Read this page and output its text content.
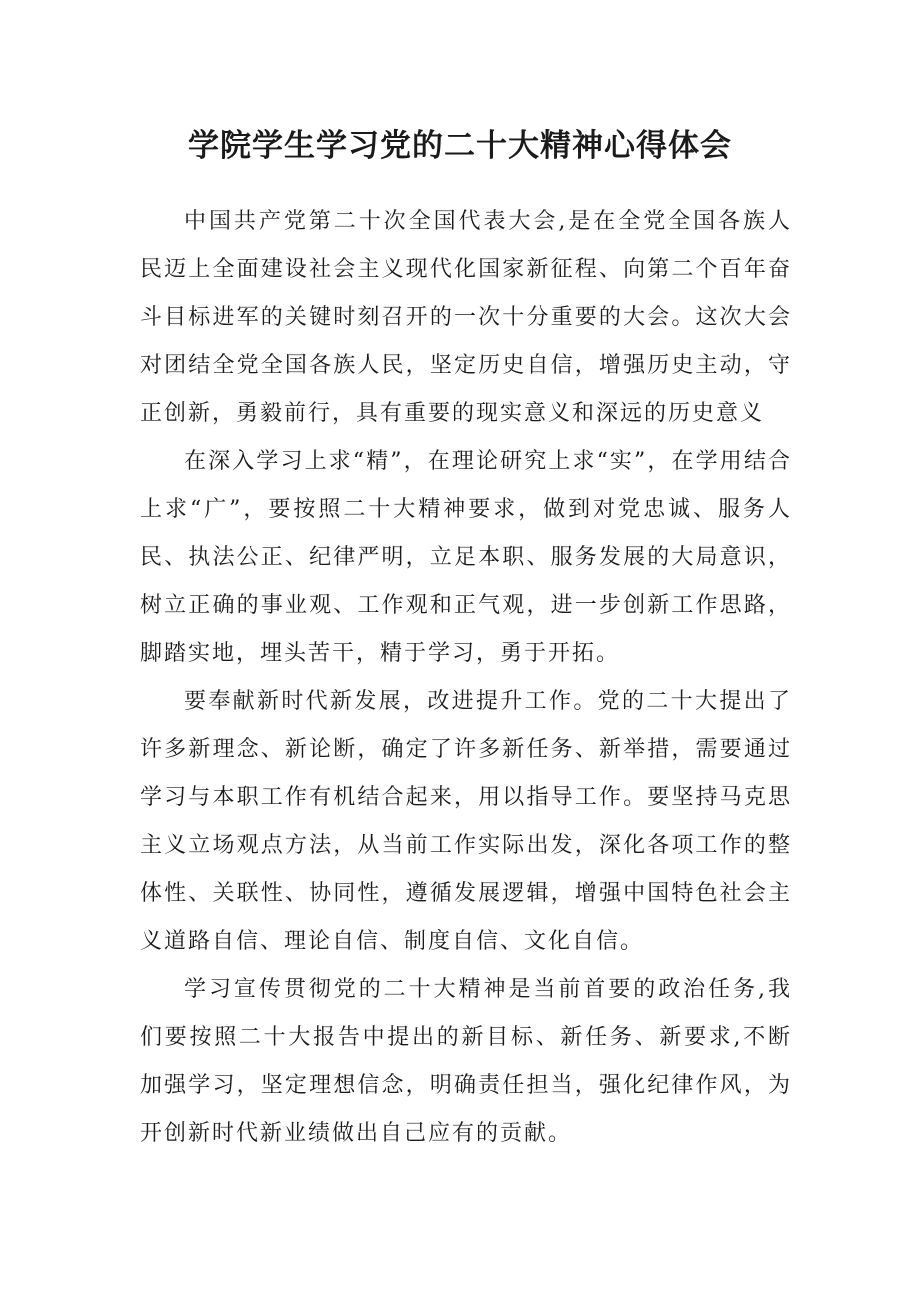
学院学生学习党的二十大精神心得体会

中国共产党第二十次全国代表大会,是在全党全国各族人民迈上全面建设社会主义现代化国家新征程、向第二个百年奋斗目标进军的关键时刻召开的一次十分重要的大会。这次大会对团结全党全国各族人民，坚定历史自信，增强历史主动，守正创新，勇毅前行，具有重要的现实意义和深远的历史意义

在深入学习上求“精”，在理论研究上求“实”，在学用结合上求“广”，要按照二十大精神要求，做到对党忠诚、服务人民、执法公正、纪律严明，立足本职、服务发展的大局意识，树立正确的事业观、工作观和正气观，进一步创新工作思路，脚踏实地，埋头苦干，精于学习，勇于开拓。

要奉献新时代新发展，改进提升工作。党的二十大提出了许多新理念、新论断，确定了许多新任务、新举措，需要通过学习与本职工作有机结合起来，用以指导工作。要坚持马克思主义立场观点方法，从当前工作实际出发，深化各项工作的整体性、关联性、协同性，遵循发展逻辑，增强中国特色社会主义道路自信、理论自信、制度自信、文化自信。

学习宣传贯彻党的二十大精神是当前首要的政治任务,我们要按照二十大报告中提出的新目标、新任务、新要求,不断加强学习，坚定理想信念，明确责任担当，强化纪律作风，为开创新时代新业绩做出自己应有的贡献。
